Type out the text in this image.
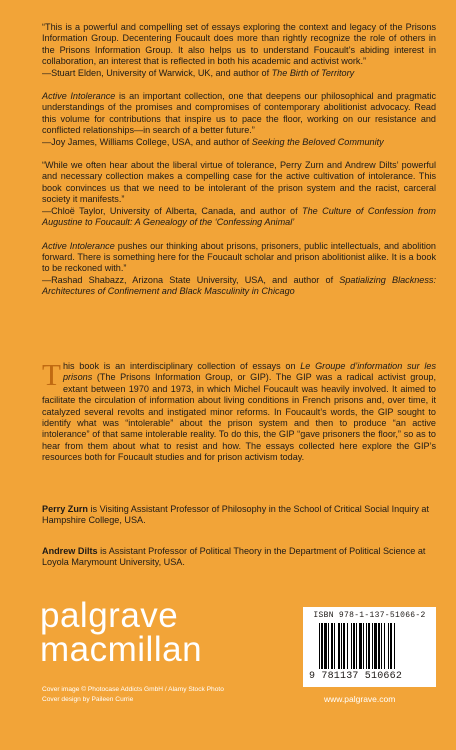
“This is a powerful and compelling set of essays exploring the context and legacy of the Prisons Information Group. Decentering Foucault does more than rightly recognize the role of others in the Prisons Information Group. It also helps us to understand Foucault’s abiding interest in collaboration, an interest that is reflected in both his academic and activist work.”

—Stuart Elden, University of Warwick, UK, and author of The Birth of Territory

Active Intolerance is an important collection, one that deepens our philosophical and pragmatic understandings of the promises and compromises of contemporary abolitionist advocacy. Read this volume for contributions that inspire us to pace the floor, working on our resistance and conflicted relationships—in search of a better future.”

—Joy James, Williams College, USA, and author of Seeking the Beloved Community

“While we often hear about the liberal virtue of tolerance, Perry Zurn and Andrew Dilts’ powerful and necessary collection makes a compelling case for the active cultivation of intolerance. This book convinces us that we need to be intolerant of the prison system and the racist, carceral society it manifests.”

—Chloë Taylor, University of Alberta, Canada, and author of The Culture of Confession from Augustine to Foucault: A Genealogy of the ‘Confessing Animal’

Active Intolerance pushes our thinking about prisons, prisoners, public intellectuals, and abolition forward. There is something here for the Foucault scholar and prison abolitionist alike. It is a book to be reckoned with.”

—Rashad Shabazz, Arizona State University, USA, and author of Spatializing Blackness: Architectures of Confinement and Black Masculinity in Chicago

This book is an interdisciplinary collection of essays on Le Groupe d’information sur les prisons (The Prisons Information Group, or GIP). The GIP was a radical activist group, extant between 1970 and 1973, in which Michel Foucault was heavily involved. It aimed to facilitate the circulation of information about living conditions in French prisons and, over time, it catalyzed several revolts and instigated minor reforms. In Foucault’s words, the GIP sought to identify what was “intolerable” about the prison system and then to produce “an active intolerance” of that same intolerable reality. To do this, the GIP “gave prisoners the floor,” so as to hear from them about what to resist and how. The essays collected here explore the GIP’s resources both for Foucault studies and for prison activism today.
Perry Zurn is Visiting Assistant Professor of Philosophy in the School of Critical Social Inquiry at Hampshire College, USA.
Andrew Dilts is Assistant Professor of Political Theory in the Department of Political Science at Loyola Marymount University, USA.
palgrave
macmillan
Cover image © Photocase Addicts GmbH / Alamy Stock Photo
Cover design by Paileen Currie
ISBN 978-1-137-51066-2
9 781137 510662
www.palgrave.com
